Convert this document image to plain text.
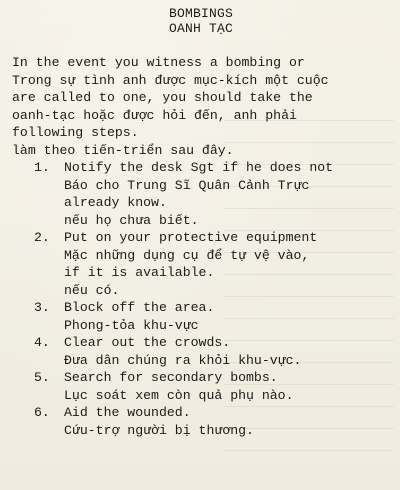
BOMBINGS
OANH TẠC
In the event you witness a bombing or
Trong sự tình anh được mục-kích một cuộc
are called to one, you should take the
oanh-tạc hoặc được hỏi đến, anh phải
following steps.
làm theo tiến-triển sau đây.
1. Notify the desk Sgt if he does not
Báo cho Trung Sĩ Quân Cảnh Trực
already know.
nếu họ chưa biết.
2. Put on your protective equipment
Mặc những dụng cụ để tự vệ vào,
if it is available.
nếu có.
3. Block off the area.
Phong-tỏa khu-vực
4. Clear out the crowds.
Đưa dân chúng ra khỏi khu-vực.
5. Search for secondary bombs.
Lục soát xem còn quả phụ nào.
6. Aid the wounded.
Cứu-trợ người bị thương.
